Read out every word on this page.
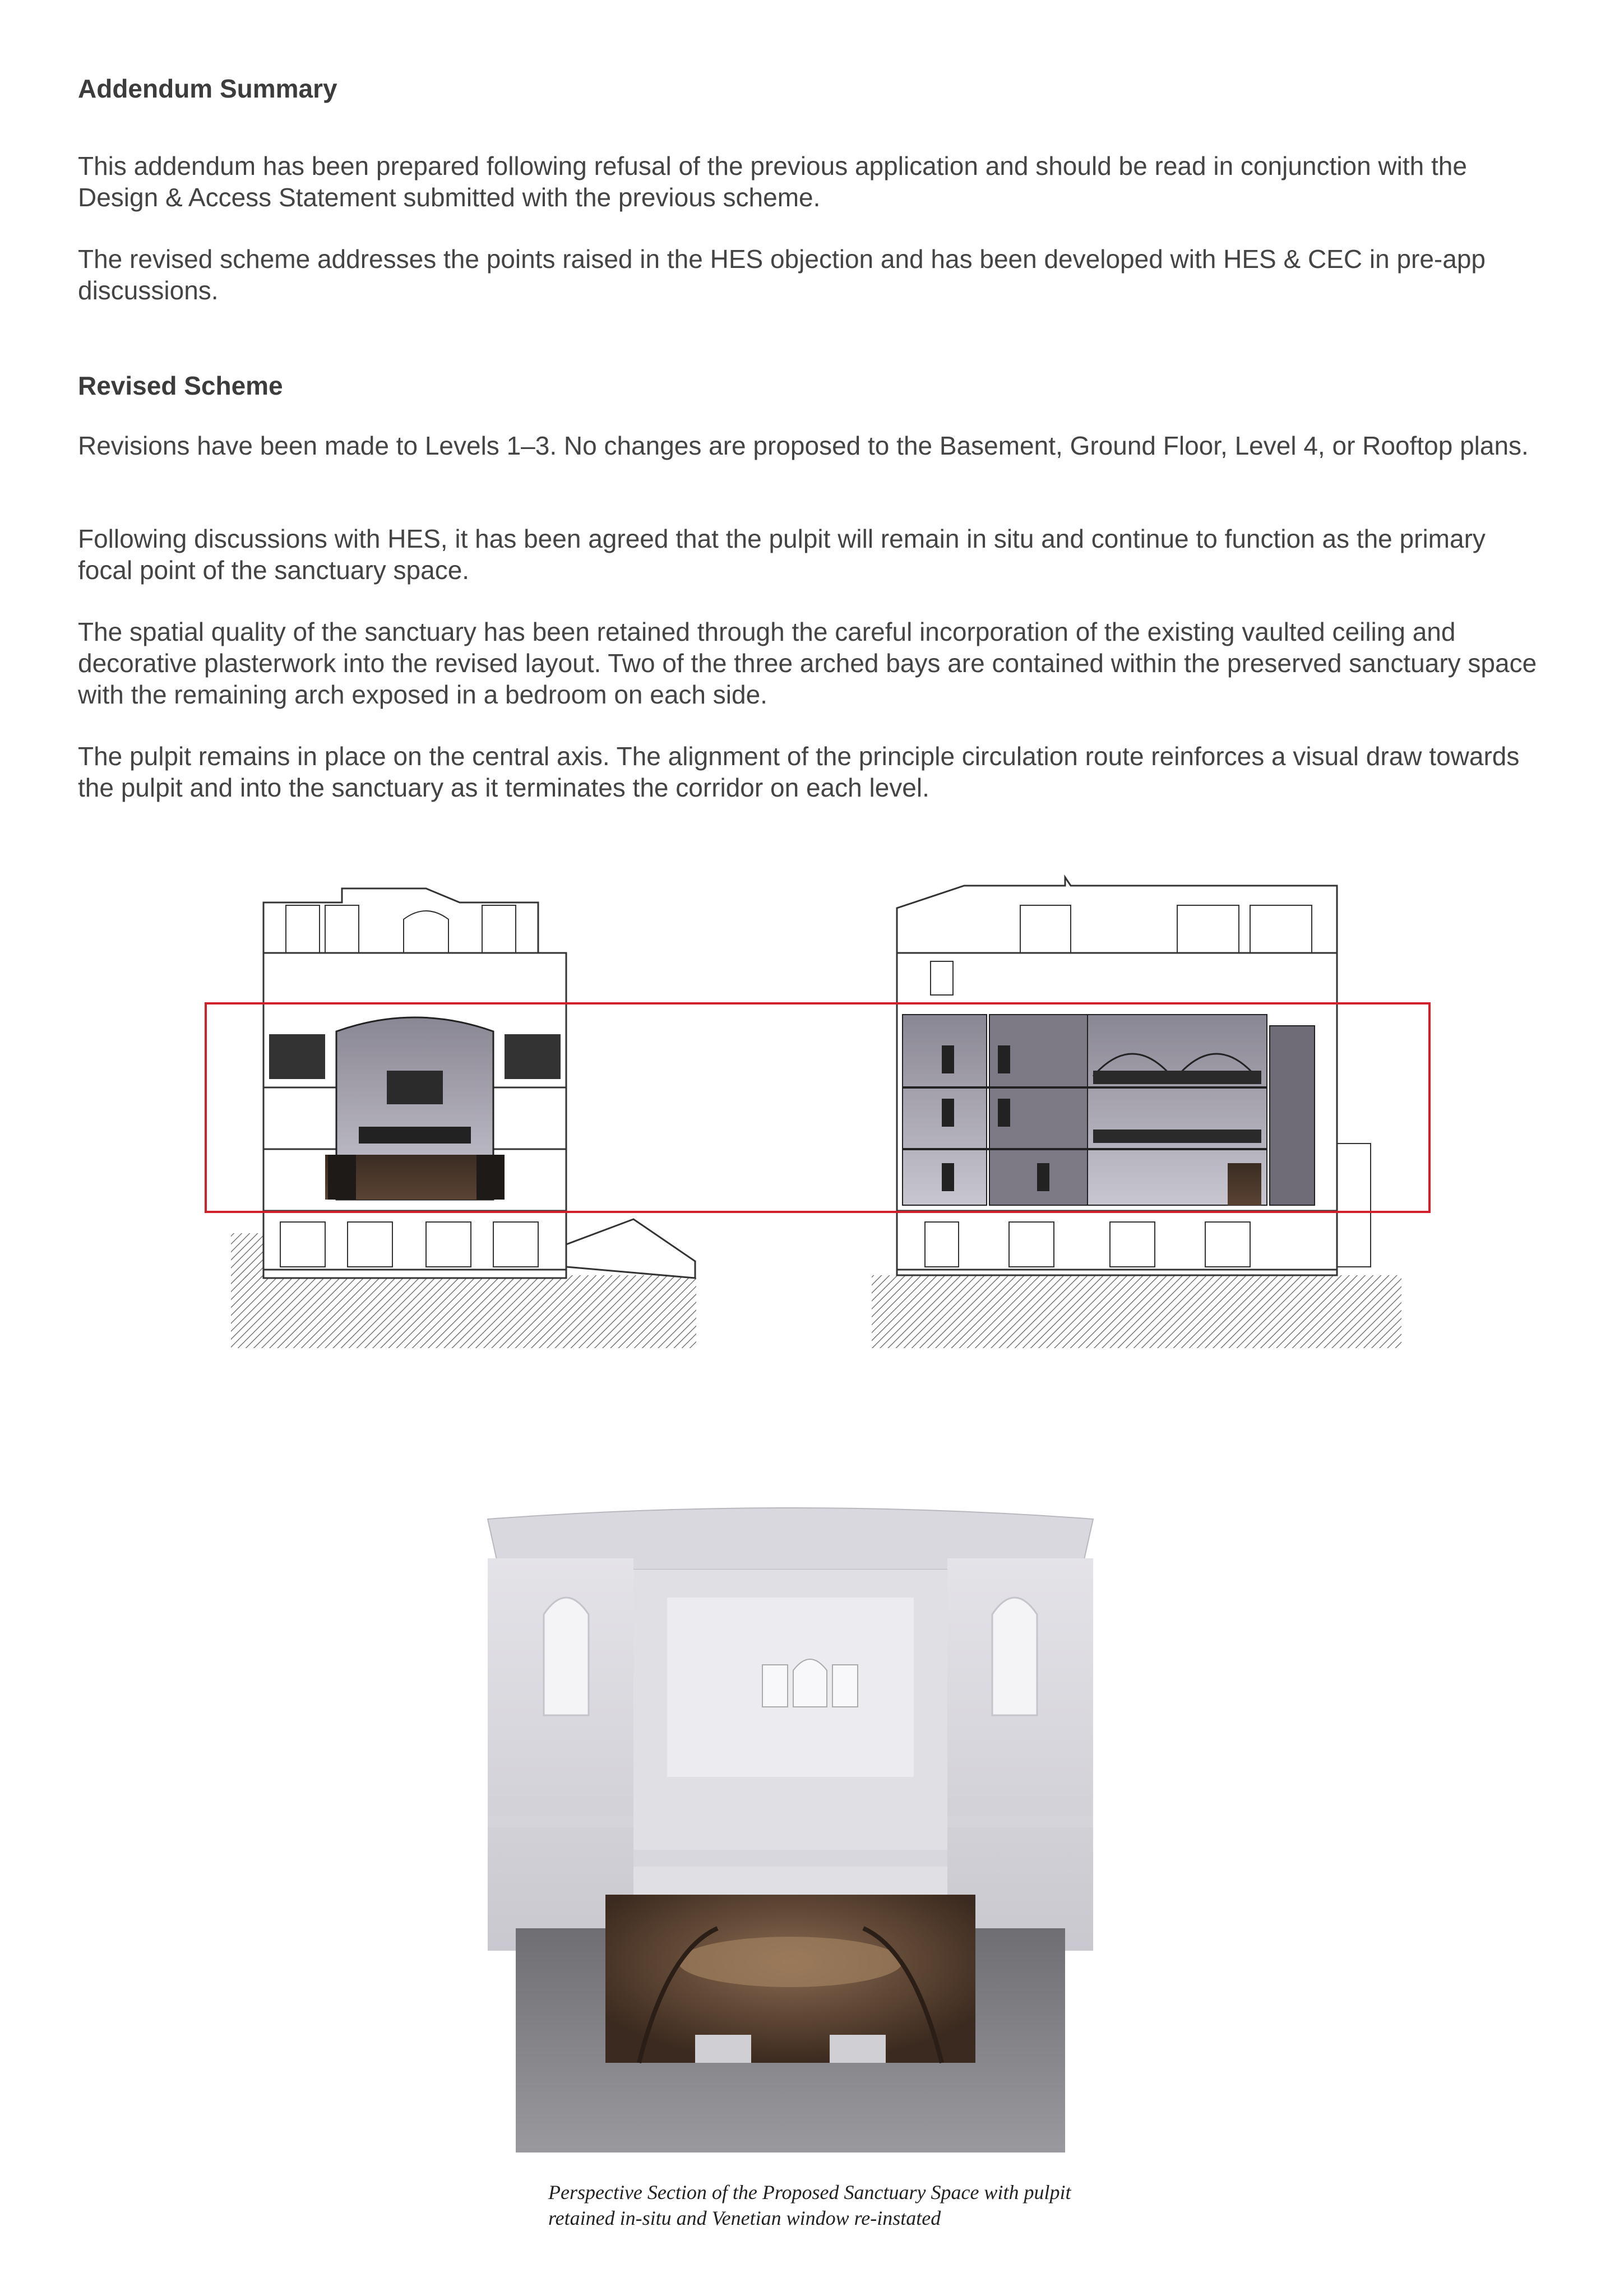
Addendum Summary

This addendum has been prepared following refusal of the previous application and should be read in conjunction with the Design & Access Statement submitted with the previous scheme.

The revised scheme addresses the points raised in the HES objection and has been developed with HES & CEC in pre-app discussions.

Revised Scheme

Revisions have been made to Levels 1–3. No changes are proposed to the Basement, Ground Floor, Level 4, or Rooftop plans.

Following discussions with HES, it has been agreed that the pulpit will remain in situ and continue to function as the primary focal point of the sanctuary space.

The spatial quality of the sanctuary has been retained through the careful incorporation of the existing vaulted ceiling and decorative plasterwork into the revised layout. Two of the three arched bays are contained within the preserved sanctuary space with the remaining arch exposed in a bedroom on each side.

The pulpit remains in place on the central axis. The alignment of the principle circulation route reinforces a visual draw towards the pulpit and into the sanctuary as it terminates the corridor on each level.

Perspective Section of the Proposed Sanctuary Space with pulpit
retained in-situ and Venetian window re-instated
